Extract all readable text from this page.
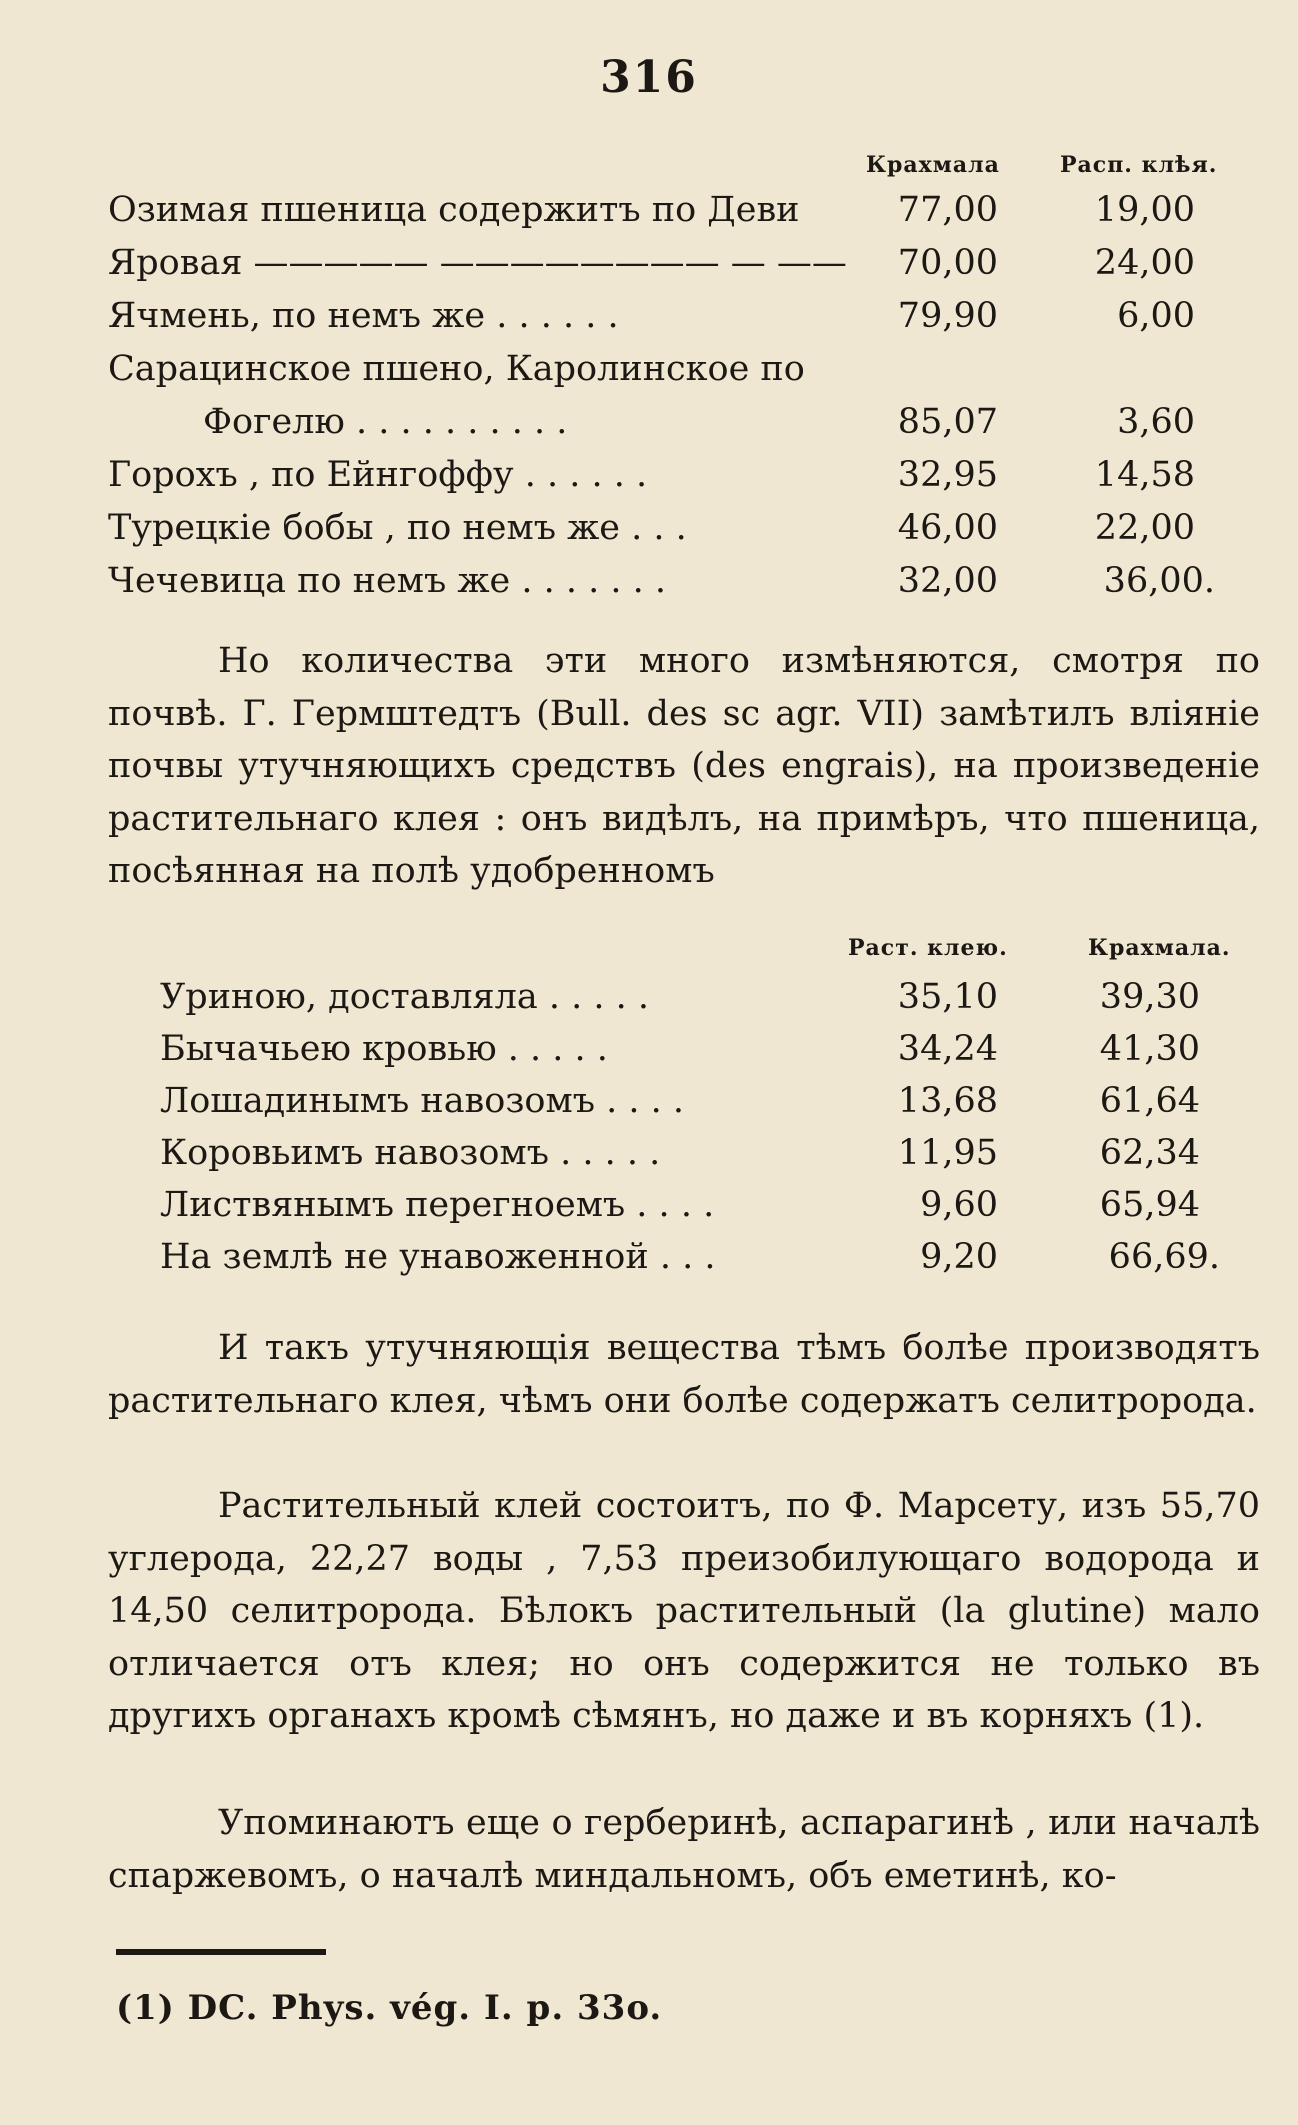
316
Крахмала	Расп. клѣя.
Озимая пшеница содержитъ по Деви	77,00	19,00
Яровая ————— ———————— — —— 70,00	24,00
Ячмень, по немъ же . . . . . .	79,90	6,00
Сарацинское пшено, Каролинское по
Фогелю . . . . . . . . . .	85,07	3,60
Горохъ , по Ейнгоффу . . . . . .	32,95	14,58
Турецкіе бобы , по немъ же . . .	46,00	22,00
Чечевица по немъ же . . . . . . .	32,00	36,00.
Но количества эти много измѣняются, смотря по почвѣ. Г. Гермштедтъ (Bull. des sc agr. VII) замѣтилъ вліяніе почвы утучняющихъ средствъ (des engrais), на произведеніе растительнаго клея : онъ видѣлъ, на примѣръ, что пшеница, посѣянная на полѣ удобренномъ
Раст. клею.	Крахмала.
Уриною, доставляла . . . . .	35,10	39,30
Бычачьею кровью . . . . .	34,24	41,30
Лошадинымъ навозомъ . . . .	13,68	61,64
Коровьимъ навозомъ . . . . .	11,95	62,34
Листвянымъ перегноемъ . . . .	9,60	65,94
На землѣ не унавоженной . . .	9,20	66,69.
И такъ утучняющія вещества тѣмъ болѣе производятъ растительнаго клея, чѣмъ они болѣе содержатъ селитророда.
Растительный клей состоитъ, по Ф. Марсету, изъ 55,70 углерода, 22,27 воды , 7,53 преизобилующаго водорода и 14,50 селитророда. Бѣлокъ растительный (la glutine) мало отличается отъ клея; но онъ содержится не только въ другихъ органахъ кромѣ сѣмянъ, но даже и въ корняхъ (1).
Упоминаютъ еще о герберинѣ, аспарагинѣ , или началѣ спаржевомъ, о началѣ миндальномъ, объ еметинѣ, ко-
(1) DC. Phys. vég. I. p. 33o.
